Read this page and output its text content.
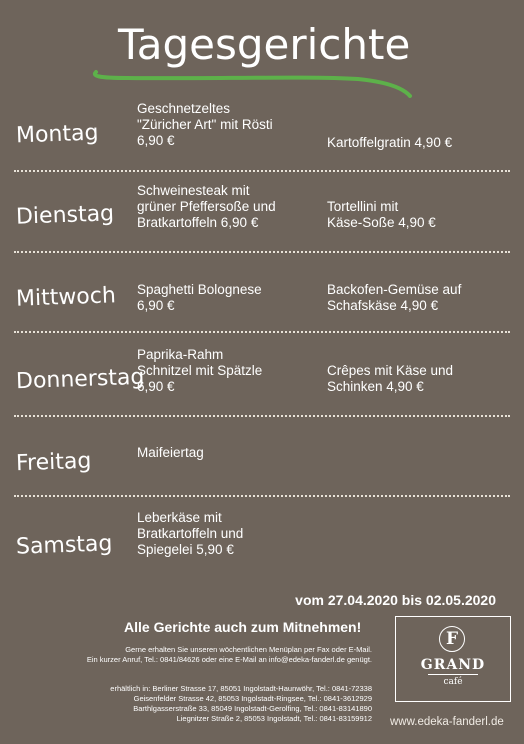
Tagesgerichte
Montag
Geschnetzeltes
"Züricher Art" mit Rösti
6,90 €	Kartoffelgratin 4,90 €
Dienstag
Schweinesteak mit
grüner Pfeffersoße und
Bratkartoffeln 6,90 €
Tortellini mit
Käse-Soße 4,90 €
Mittwoch Spaghetti Bolognese
6,90 €
Backofen-Gemüse auf
Schafskäse 4,90 €
Donnerstag
Paprika-Rahm
Schnitzel mit Spätzle
6,90 €
Crêpes mit Käse und
Schinken 4,90 €
Freitag	Maifeiertag
Samstag
Leberkäse mit
Bratkartoffeln und
Spiegelei 5,90 €
vom 27.04.2020 bis 02.05.2020
Alle Gerichte auch zum Mitnehmen!
Gerne erhalten Sie unseren wöchentlichen Menüplan per Fax oder E-Mail.
Ein kurzer Anruf, Tel.: 0841/84626 oder eine E-Mail an info@edeka-fanderl.de genügt.
erhältlich in: Berliner Strasse 17, 85051 Ingolstadt-Haunwöhr, Tel.: 0841-72338
Geisenfelder Strasse 42, 85053 Ingolstadt-Ringsee, Tel.: 0841-3612929
Barthlgasserstraße 33, 85049 Ingolstadt-Gerolfing, Tel.: 0841-83141890
Liegnitzer Straße 2, 85053 Ingolstadt, Tel.: 0841-83159912
F
GRAND
café
www.edeka-fanderl.de
